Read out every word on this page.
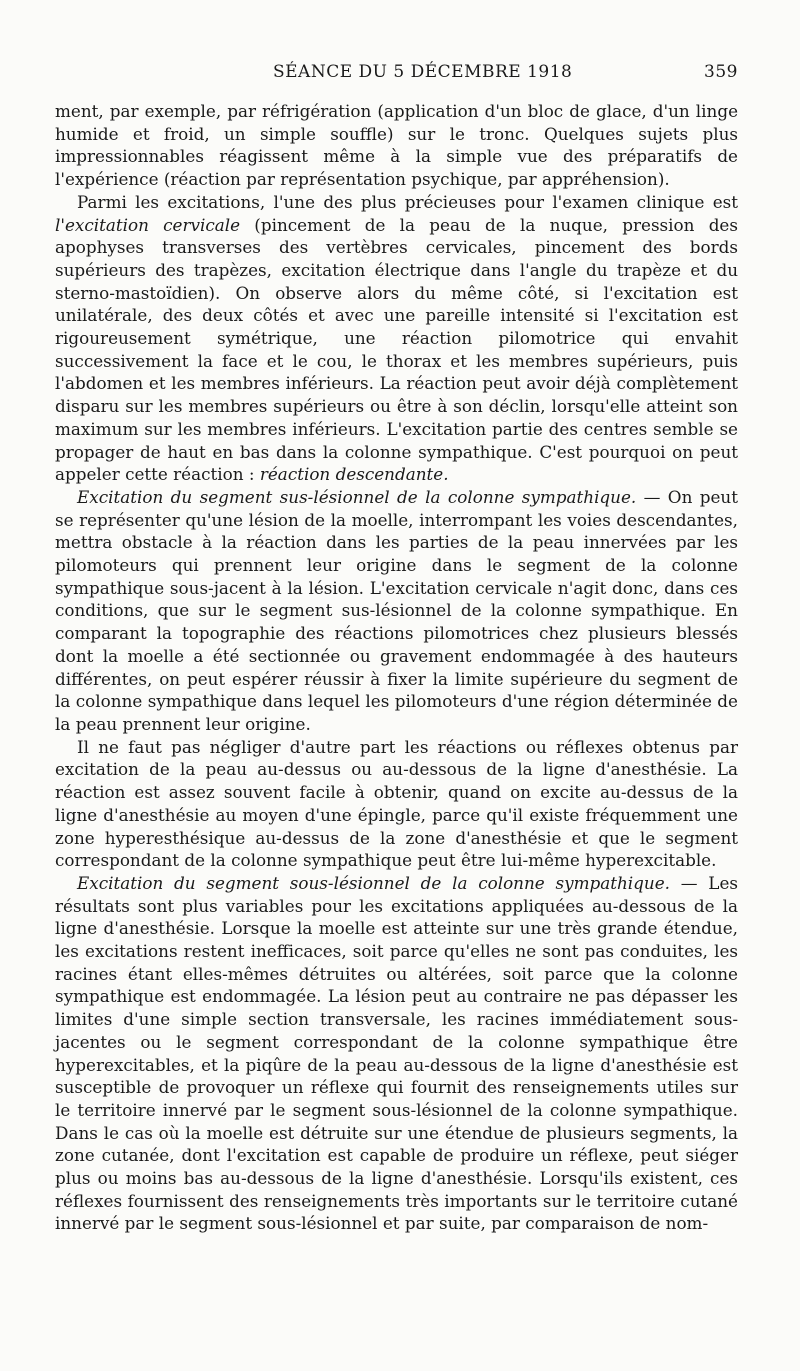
SÉANCE DU 5 DÉCEMBRE 1918	359

ment, par exemple, par réfrigération (application d'un bloc de glace, d'un linge humide et froid, un simple souffle) sur le tronc. Quelques sujets plus impressionnables réagissent même à la simple vue des préparatifs de l'expérience (réaction par représentation psychique, par appréhension).

Parmi les excitations, l'une des plus précieuses pour l'examen clinique est l'excitation cervicale (pincement de la peau de la nuque, pression des apophyses transverses des vertèbres cervicales, pincement des bords supérieurs des trapèzes, excitation électrique dans l'angle du trapèze et du sterno-mastoïdien). On observe alors du même côté, si l'excitation est unilatérale, des deux côtés et avec une pareille intensité si l'excitation est rigoureusement symétrique, une réaction pilomotrice qui envahit successivement la face et le cou, le thorax et les membres supérieurs, puis l'abdomen et les membres inférieurs. La réaction peut avoir déjà complètement disparu sur les membres supérieurs ou être à son déclin, lorsqu'elle atteint son maximum sur les membres inférieurs. L'excitation partie des centres semble se propager de haut en bas dans la colonne sympathique. C'est pourquoi on peut appeler cette réaction : réaction descendante.

Excitation du segment sus-lésionnel de la colonne sympathique. — On peut se représenter qu'une lésion de la moelle, interrompant les voies descendantes, mettra obstacle à la réaction dans les parties de la peau innervées par les pilomoteurs qui prennent leur origine dans le segment de la colonne sympathique sous-jacent à la lésion. L'excitation cervicale n'agit donc, dans ces conditions, que sur le segment sus-lésionnel de la colonne sympathique. En comparant la topographie des réactions pilomotrices chez plusieurs blessés dont la moelle a été sectionnée ou gravement endommagée à des hauteurs différentes, on peut espérer réussir à fixer la limite supérieure du segment de la colonne sympathique dans lequel les pilomoteurs d'une région déterminée de la peau prennent leur origine.

Il ne faut pas négliger d'autre part les réactions ou réflexes obtenus par excitation de la peau au-dessus ou au-dessous de la ligne d'anesthésie. La réaction est assez souvent facile à obtenir, quand on excite au-dessus de la ligne d'anesthésie au moyen d'une épingle, parce qu'il existe fréquemment une zone hyperesthésique au-dessus de la zone d'anesthésie et que le segment correspondant de la colonne sympathique peut être lui-même hyperexcitable.

Excitation du segment sous-lésionnel de la colonne sympathique. — Les résultats sont plus variables pour les excitations appliquées au-dessous de la ligne d'anesthésie. Lorsque la moelle est atteinte sur une très grande étendue, les excitations restent inefficaces, soit parce qu'elles ne sont pas conduites, les racines étant elles-mêmes détruites ou altérées, soit parce que la colonne sympathique est endommagée. La lésion peut au contraire ne pas dépasser les limites d'une simple section transversale, les racines immédiatement sous-jacentes ou le segment correspondant de la colonne sympathique être hyperexcitables, et la piqûre de la peau au-dessous de la ligne d'anesthésie est susceptible de provoquer un réflexe qui fournit des renseignements utiles sur le territoire innervé par le segment sous-lésionnel de la colonne sympathique. Dans le cas où la moelle est détruite sur une étendue de plusieurs segments, la zone cutanée, dont l'excitation est capable de produire un réflexe, peut siéger plus ou moins bas au-dessous de la ligne d'anesthésie. Lorsqu'ils existent, ces réflexes fournissent des renseignements très importants sur le territoire cutané innervé par le segment sous-lésionnel et par suite, par comparaison de nom-
